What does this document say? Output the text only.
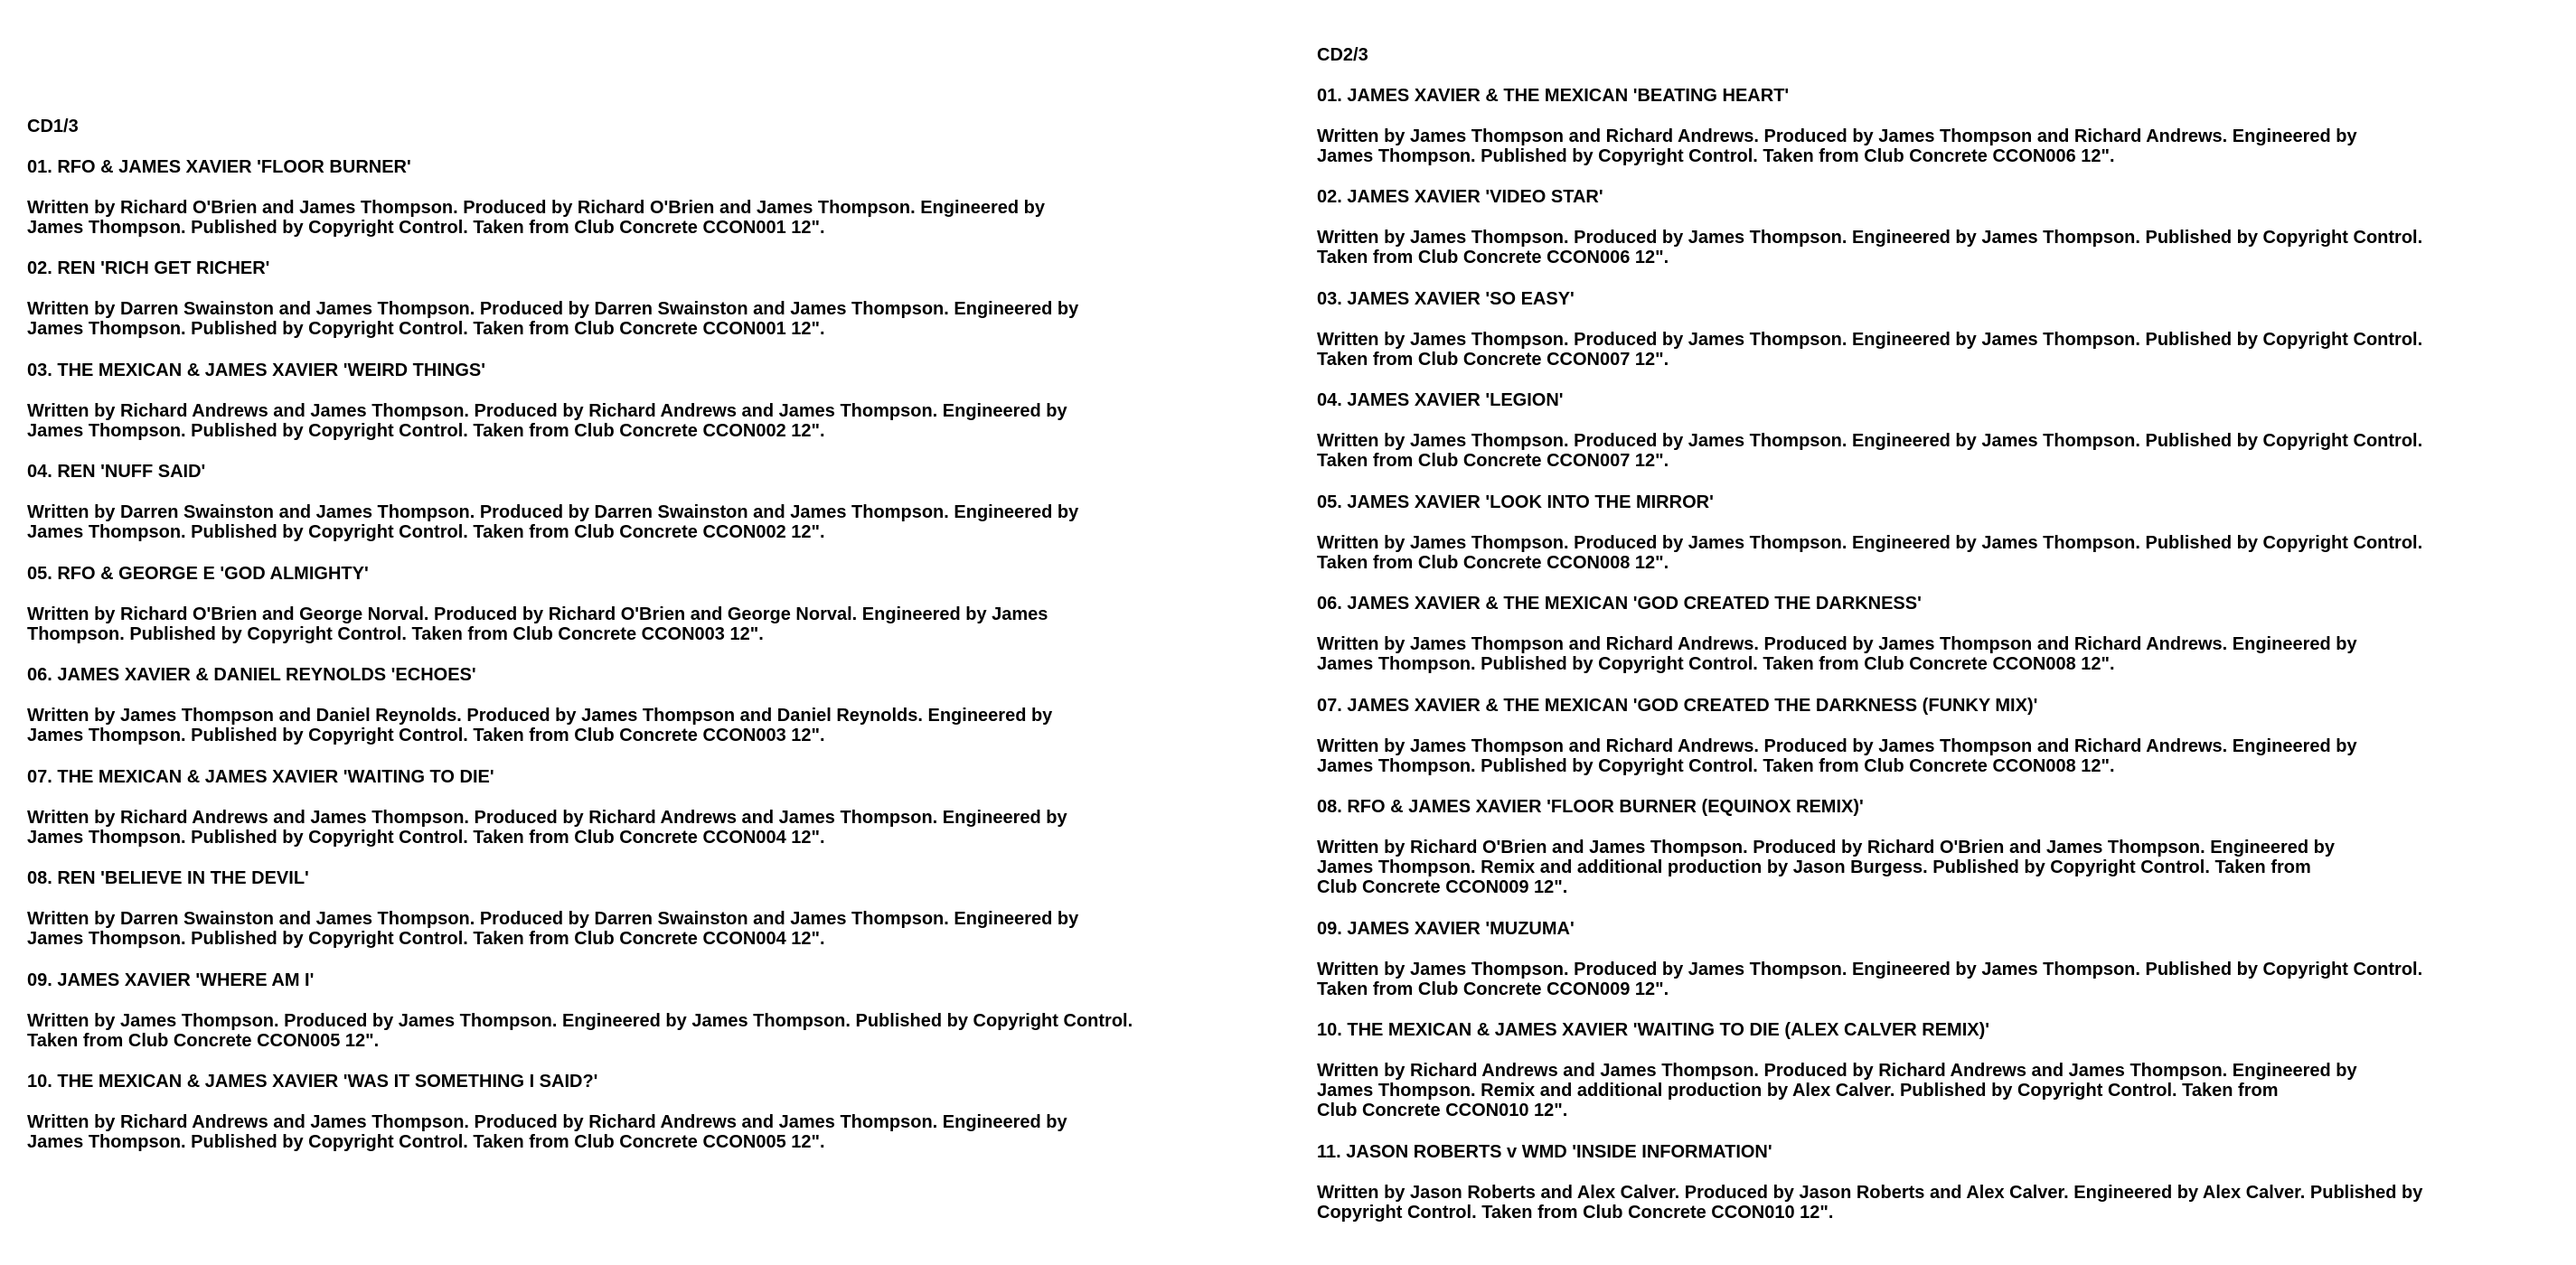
CD1/3
01. RFO & JAMES XAVIER 'FLOOR BURNER'
Written by Richard O'Brien and James Thompson. Produced by Richard O'Brien and James Thompson. Engineered by
James Thompson. Published by Copyright Control. Taken from Club Concrete CCON001 12".
02. REN 'RICH GET RICHER'
Written by Darren Swainston and James Thompson. Produced by Darren Swainston and James Thompson. Engineered by
James Thompson. Published by Copyright Control. Taken from Club Concrete CCON001 12".
03. THE MEXICAN & JAMES XAVIER 'WEIRD THINGS'
Written by Richard Andrews and James Thompson. Produced by Richard Andrews and James Thompson. Engineered by
James Thompson. Published by Copyright Control. Taken from Club Concrete CCON002 12".
04. REN 'NUFF SAID'
Written by Darren Swainston and James Thompson. Produced by Darren Swainston and James Thompson. Engineered by
James Thompson. Published by Copyright Control. Taken from Club Concrete CCON002 12".
05. RFO & GEORGE E 'GOD ALMIGHTY'
Written by Richard O'Brien and George Norval. Produced by Richard O'Brien and George Norval. Engineered by James
Thompson. Published by Copyright Control. Taken from Club Concrete CCON003 12".
06. JAMES XAVIER & DANIEL REYNOLDS 'ECHOES'
Written by James Thompson and Daniel Reynolds. Produced by James Thompson and Daniel Reynolds. Engineered by
James Thompson. Published by Copyright Control. Taken from Club Concrete CCON003 12".
07. THE MEXICAN & JAMES XAVIER 'WAITING TO DIE'
Written by Richard Andrews and James Thompson. Produced by Richard Andrews and James Thompson. Engineered by
James Thompson. Published by Copyright Control. Taken from Club Concrete CCON004 12".
08. REN 'BELIEVE IN THE DEVIL'
Written by Darren Swainston and James Thompson. Produced by Darren Swainston and James Thompson. Engineered by
James Thompson. Published by Copyright Control. Taken from Club Concrete CCON004 12".
09. JAMES XAVIER 'WHERE AM I'
Written by James Thompson. Produced by James Thompson. Engineered by James Thompson. Published by Copyright Control.
Taken from Club Concrete CCON005 12".
10. THE MEXICAN & JAMES XAVIER 'WAS IT SOMETHING I SAID?'
Written by Richard Andrews and James Thompson. Produced by Richard Andrews and James Thompson. Engineered by
James Thompson. Published by Copyright Control. Taken from Club Concrete CCON005 12".
CD2/3
01. JAMES XAVIER & THE MEXICAN 'BEATING HEART'
Written by James Thompson and Richard Andrews. Produced by James Thompson and Richard Andrews. Engineered by
James Thompson. Published by Copyright Control. Taken from Club Concrete CCON006 12".
02. JAMES XAVIER 'VIDEO STAR'
Written by James Thompson. Produced by James Thompson. Engineered by James Thompson. Published by Copyright Control.
Taken from Club Concrete CCON006 12".
03. JAMES XAVIER 'SO EASY'
Written by James Thompson. Produced by James Thompson. Engineered by James Thompson. Published by Copyright Control.
Taken from Club Concrete CCON007 12".
04. JAMES XAVIER 'LEGION'
Written by James Thompson. Produced by James Thompson. Engineered by James Thompson. Published by Copyright Control.
Taken from Club Concrete CCON007 12".
05. JAMES XAVIER 'LOOK INTO THE MIRROR'
Written by James Thompson. Produced by James Thompson. Engineered by James Thompson. Published by Copyright Control.
Taken from Club Concrete CCON008 12".
06. JAMES XAVIER & THE MEXICAN 'GOD CREATED THE DARKNESS'
Written by James Thompson and Richard Andrews. Produced by James Thompson and Richard Andrews. Engineered by
James Thompson. Published by Copyright Control. Taken from Club Concrete CCON008 12".
07. JAMES XAVIER & THE MEXICAN 'GOD CREATED THE DARKNESS (FUNKY MIX)'
Written by James Thompson and Richard Andrews. Produced by James Thompson and Richard Andrews. Engineered by
James Thompson. Published by Copyright Control. Taken from Club Concrete CCON008 12".
08. RFO & JAMES XAVIER 'FLOOR BURNER (EQUINOX REMIX)'
Written by Richard O'Brien and James Thompson. Produced by Richard O'Brien and James Thompson. Engineered by
James Thompson. Remix and additional production by Jason Burgess. Published by Copyright Control. Taken from
Club Concrete CCON009 12".
09. JAMES XAVIER 'MUZUMA'
Written by James Thompson. Produced by James Thompson. Engineered by James Thompson. Published by Copyright Control.
Taken from Club Concrete CCON009 12".
10. THE MEXICAN & JAMES XAVIER 'WAITING TO DIE (ALEX CALVER REMIX)'
Written by Richard Andrews and James Thompson. Produced by Richard Andrews and James Thompson. Engineered by
James Thompson. Remix and additional production by Alex Calver. Published by Copyright Control. Taken from
Club Concrete CCON010 12".
11. JASON ROBERTS v WMD 'INSIDE INFORMATION'
Written by Jason Roberts and Alex Calver. Produced by Jason Roberts and Alex Calver. Engineered by Alex Calver. Published by
Copyright Control. Taken from Club Concrete CCON010 12".
